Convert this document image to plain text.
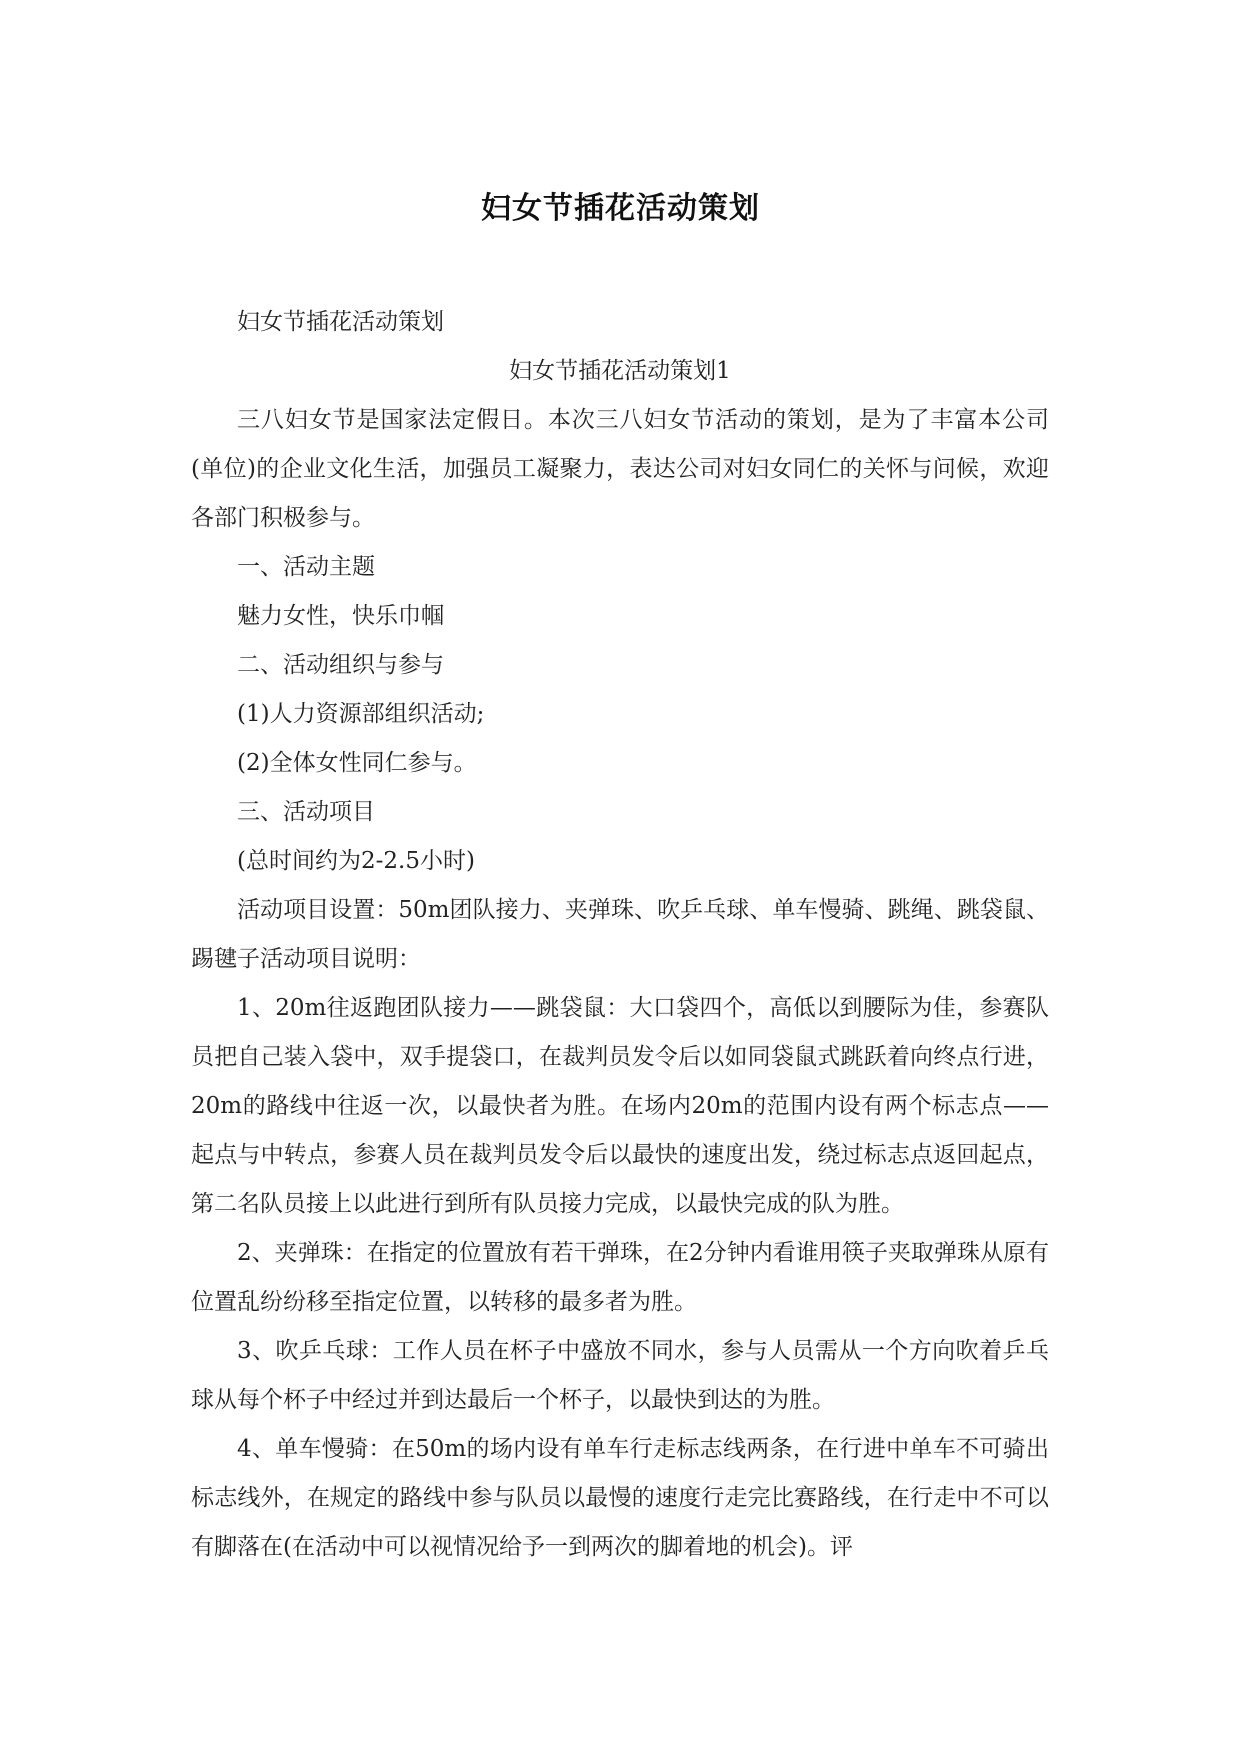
妇女节插花活动策划

妇女节插花活动策划

妇女节插花活动策划1

三八妇女节是国家法定假日。本次三八妇女节活动的策划，是为了丰富本公司(单位)的企业文化生活，加强员工凝聚力，表达公司对妇女同仁的关怀与问候，欢迎各部门积极参与。

一、活动主题

魅力女性，快乐巾帼

二、活动组织与参与

(1)人力资源部组织活动;

(2)全体女性同仁参与。

三、活动项目

(总时间约为2-2.5小时)

活动项目设置：50m团队接力、夹弹珠、吹乒乓球、单车慢骑、跳绳、跳袋鼠、踢毽子活动项目说明：

1、20m往返跑团队接力——跳袋鼠：大口袋四个，高低以到腰际为佳，参赛队员把自己装入袋中，双手提袋口，在裁判员发令后以如同袋鼠式跳跃着向终点行进，20m的路线中往返一次，以最快者为胜。在场内20m的范围内设有两个标志点——起点与中转点，参赛人员在裁判员发令后以最快的速度出发，绕过标志点返回起点，第二名队员接上以此进行到所有队员接力完成，以最快完成的队为胜。

2、夹弹珠：在指定的位置放有若干弹珠，在2分钟内看谁用筷子夹取弹珠从原有位置乱纷纷移至指定位置，以转移的最多者为胜。

3、吹乒乓球：工作人员在杯子中盛放不同水，参与人员需从一个方向吹着乒乓球从每个杯子中经过并到达最后一个杯子，以最快到达的为胜。

4、单车慢骑：在50m的场内设有单车行走标志线两条，在行进中单车不可骑出标志线外，在规定的路线中参与队员以最慢的速度行走完比赛路线，在行走中不可以有脚落在(在活动中可以视情况给予一到两次的脚着地的机会)。评
